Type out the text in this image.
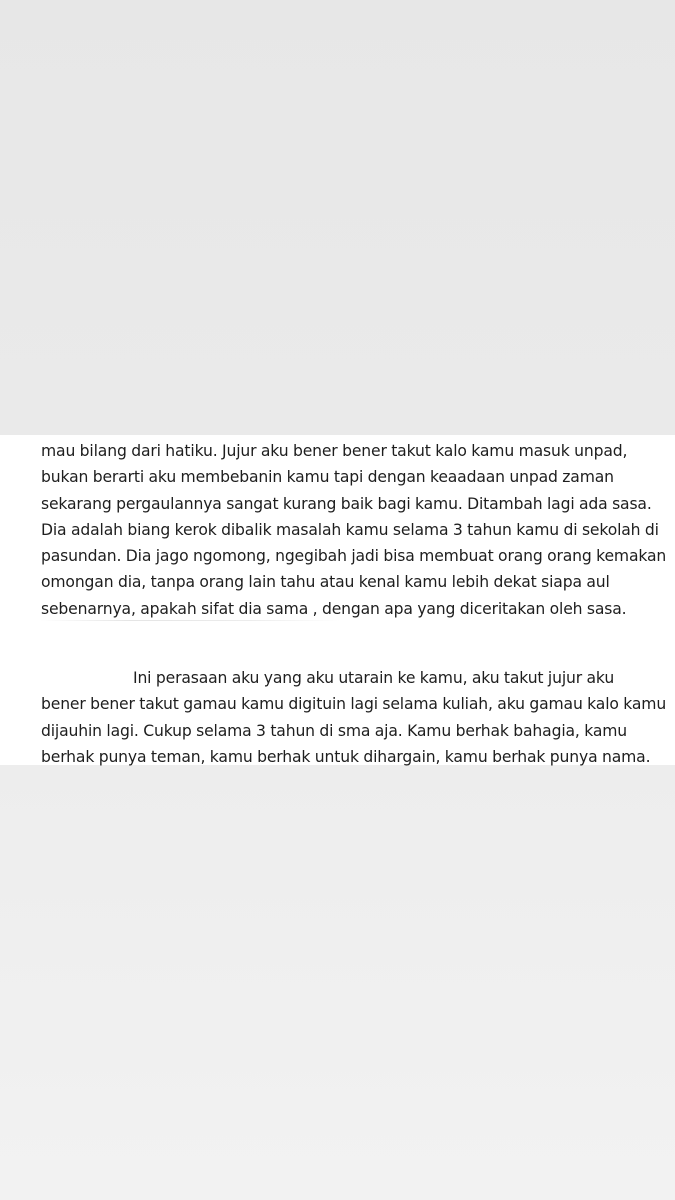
mau bilang dari hatiku. Jujur aku bener bener takut kalo kamu masuk unpad,
bukan berarti aku membebanin kamu tapi dengan keaadaan unpad zaman
sekarang pergaulannya sangat kurang baik bagi kamu. Ditambah lagi ada sasa.
Dia adalah biang kerok dibalik masalah kamu selama 3 tahun kamu di sekolah di
pasundan. Dia jago ngomong, ngegibah jadi bisa membuat orang orang kemakan
omongan dia, tanpa orang lain tahu atau kenal kamu lebih dekat siapa aul
sebenarnya, apakah sifat dia sama , dengan apa yang diceritakan oleh sasa.

Ini perasaan aku yang aku utarain ke kamu, aku takut jujur aku
bener bener takut gamau kamu digituin lagi selama kuliah, aku gamau kalo kamu
dijauhin lagi. Cukup selama 3 tahun di sma aja. Kamu berhak bahagia, kamu
berhak punya teman, kamu berhak untuk dihargain, kamu berhak punya nama.
